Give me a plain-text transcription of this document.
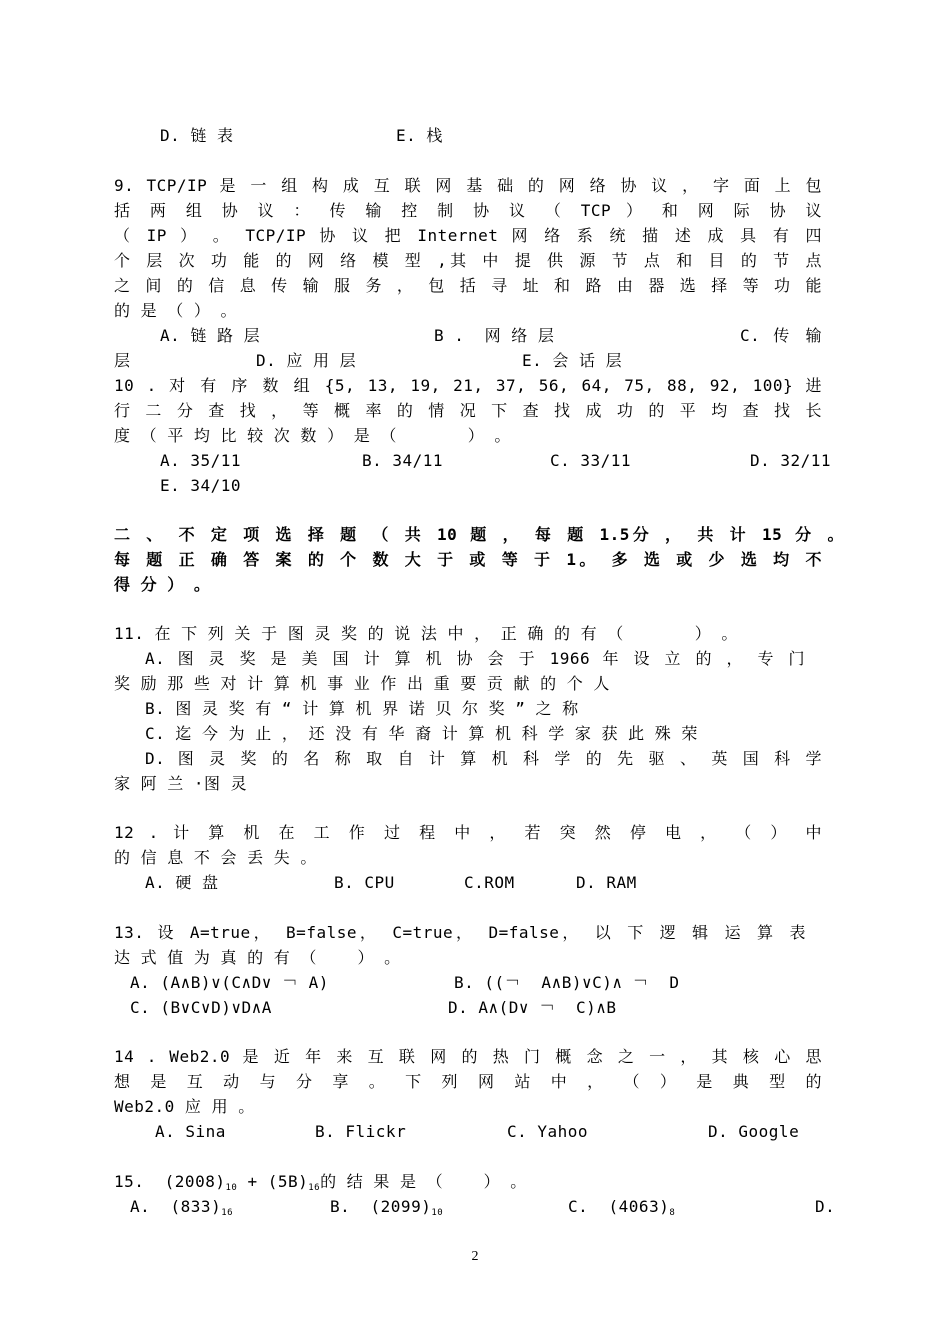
D. 链 表	E. 栈
9. TCP/IP 是 一 组 构 成 互 联 网 基 础 的 网 络 协 议 ， 字 面 上 包
括 两 组 协 议 ： 传 输 控 制 协 议 （ TCP ） 和 网 际 协 议
（ IP ） 。 TCP/IP 协 议 把 Internet 网 络 系 统 描 述 成 具 有 四
个 层 次 功 能 的 网 络 模 型 ,其 中 提 供 源 节 点 和 目 的 节 点
之 间 的 信 息 传 输 服 务 ， 包 括 寻 址 和 路 由 器 选 择 等 功 能
的 是 （ ） 。
A. 链 路 层	B .  网 络 层	C. 传 输
层	D. 应 用 层	E. 会 话 层
10 . 对 有 序 数 组 {5, 13, 19, 21, 37, 56, 64, 75, 88, 92, 100} 进
行 二 分 查 找 ， 等 概 率 的 情 况 下 查 找 成 功 的 平 均 查 找 长
度 （ 平 均 比 较 次 数 ） 是 （       ） 。
A. 35/11	B. 34/11	C. 33/11	D. 32/11
E. 34/10
二 、 不 定 项 选 择 题 （ 共 10 题 ， 每 题 1.5分 ， 共 计 15 分 。
每 题 正 确 答 案 的 个 数 大 于 或 等 于 1。 多 选 或 少 选 均 不
得 分 ） 。
11. 在 下 列 关 于 图 灵 奖 的 说 法 中 ， 正 确 的 有 （       ） 。
A. 图 灵 奖 是 美 国 计 算 机 协 会 于 1966 年 设 立 的 ， 专 门
奖 励 那 些 对 计 算 机 事 业 作 出 重 要 贡 献 的 个 人
B. 图 灵 奖 有 “ 计 算 机 界 诺 贝 尔 奖 ” 之 称
C. 迄 今 为 止 ， 还 没 有 华 裔 计 算 机 科 学 家 获 此 殊 荣
D. 图 灵 奖 的 名 称 取 自 计 算 机 科 学 的 先 驱 、 英 国 科 学
家 阿 兰 ·图 灵
12 . 计 算 机 在 工 作 过 程 中 ， 若 突 然 停 电 ， （ ） 中
的 信 息 不 会 丢 失 。
A. 硬 盘	B. CPU	C.ROM	D. RAM
13. 设 A=true， B=false， C=true， D=false， 以 下 逻 辑 运 算 表
达 式 值 为 真 的 有 （    ） 。
A. (A∧B)∨(C∧D∨ ￢ A)	B. ((￢  A∧B)∨C)∧ ￢  D
C. (B∨C∨D)∨D∧A	D. A∧(D∨ ￢  C)∧B
14 . Web2.0 是 近 年 来 互 联 网 的 热 门 概 念 之 一 ， 其 核 心 思
想 是 互 动 与 分 享 。 下 列 网 站 中 ， （ ） 是 典 型 的
Web2.0 应 用 。
A. Sina	B. Flickr	C. Yahoo	D. Google
15.  $(2008)_{10} + (5B)_{16}$的 结 果 是 （    ） 。
A.  $(833)_{16}$	B.  $(2099)_{10}$	C.  $(4063)_8$	D.
2
